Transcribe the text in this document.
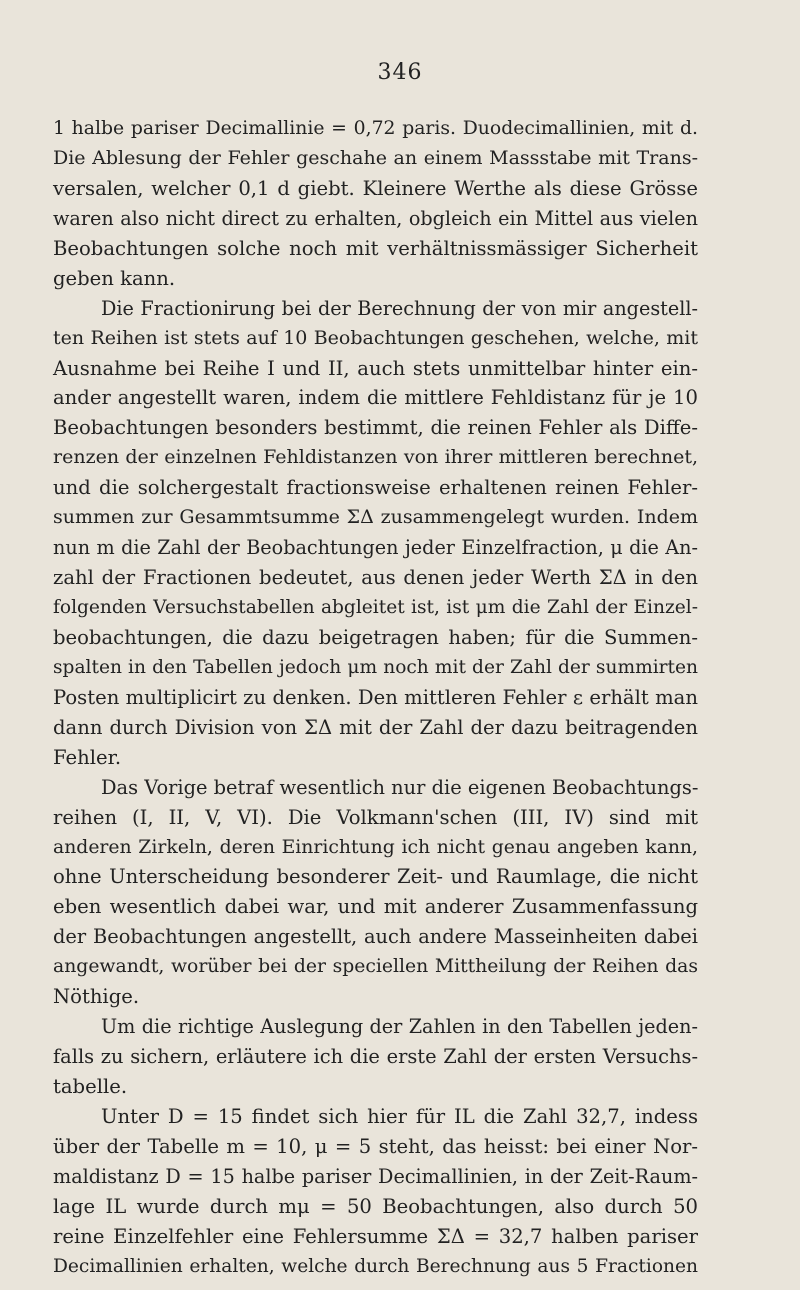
346
1 halbe pariser Decimallinie = 0,72 paris. Duodecimallinien, mit d.
Die Ablesung der Fehler geschahe an einem Massstabe mit Trans-
versalen, welcher 0,1 d giebt. Kleinere Werthe als diese Grösse
waren also nicht direct zu erhalten, obgleich ein Mittel aus vielen
Beobachtungen solche noch mit verhältnissmässiger Sicherheit
geben kann.
Die Fractionirung bei der Berechnung der von mir angestell-
ten Reihen ist stets auf 10 Beobachtungen geschehen, welche, mit
Ausnahme bei Reihe I und II, auch stets unmittelbar hinter ein-
ander angestellt waren, indem die mittlere Fehldistanz für je 10
Beobachtungen besonders bestimmt, die reinen Fehler als Diffe-
renzen der einzelnen Fehldistanzen von ihrer mittleren berechnet,
und die solchergestalt fractionsweise erhaltenen reinen Fehler-
summen zur Gesammtsumme ΣΔ zusammengelegt wurden. Indem
nun m die Zahl der Beobachtungen jeder Einzelfraction, μ die An-
zahl der Fractionen bedeutet, aus denen jeder Werth ΣΔ in den
folgenden Versuchstabellen abgleitet ist, ist μm die Zahl der Einzel-
beobachtungen, die dazu beigetragen haben; für die Summen-
spalten in den Tabellen jedoch μm noch mit der Zahl der summirten
Posten multiplicirt zu denken. Den mittleren Fehler ε erhält man
dann durch Division von ΣΔ mit der Zahl der dazu beitragenden
Fehler.
Das Vorige betraf wesentlich nur die eigenen Beobachtungs-
reihen (I, II, V, VI). Die Volkmann'schen (III, IV) sind mit
anderen Zirkeln, deren Einrichtung ich nicht genau angeben kann,
ohne Unterscheidung besonderer Zeit- und Raumlage, die nicht
eben wesentlich dabei war, und mit anderer Zusammenfassung
der Beobachtungen angestellt, auch andere Masseinheiten dabei
angewandt, worüber bei der speciellen Mittheilung der Reihen das
Nöthige.
Um die richtige Auslegung der Zahlen in den Tabellen jeden-
falls zu sichern, erläutere ich die erste Zahl der ersten Versuchs-
tabelle.
Unter D = 15 findet sich hier für IL die Zahl 32,7, indess
über der Tabelle m = 10, μ = 5 steht, das heisst: bei einer Nor-
maldistanz D = 15 halbe pariser Decimallinien, in der Zeit-Raum-
lage IL wurde durch mμ = 50 Beobachtungen, also durch 50
reine Einzelfehler eine Fehlersumme ΣΔ = 32,7 halben pariser
Decimallinien erhalten, welche durch Berechnung aus 5 Fractionen
